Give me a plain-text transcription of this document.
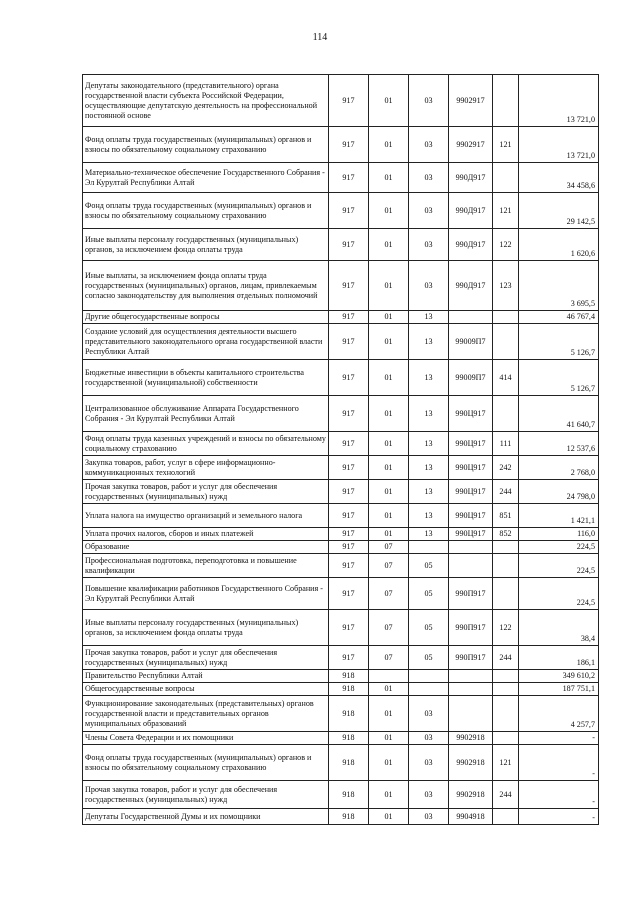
114
Депутаты законодательного (представительного) органа государственной власти субъекта Российской Федерации, осуществляющие депутатскую деятельность на профессиональной постоянной основе	917	01	03	9902917		13 721,0
Фонд оплаты труда государственных (муниципальных) органов и взносы по обязательному социальному страхованию	917	01	03	9902917	121	13 721,0
Материально-техническое обеспечение Государственного Собрания - Эл Курултай Республики Алтай	917	01	03	990Д917		34 458,6
Фонд оплаты труда государственных (муниципальных) органов и взносы по обязательному социальному страхованию	917	01	03	990Д917	121	29 142,5
Иные выплаты персоналу государственных (муниципальных) органов, за исключением фонда оплаты труда	917	01	03	990Д917	122	1 620,6
Иные выплаты, за исключением фонда оплаты труда государственных (муниципальных) органов, лицам, привлекаемым согласно законодательству для выполнения отдельных полномочий	917	01	03	990Д917	123	3 695,5
Другие общегосударственные вопросы	917	01	13			46 767,4
Создание условий для осуществления деятельности высшего представительного законодательного органа государственной власти Республики Алтай	917	01	13	99009П7		5 126,7
Бюджетные инвестиции в объекты капитального строительства государственной (муниципальной) собственности	917	01	13	99009П7	414	5 126,7
Централизованное обслуживание Аппарата Государственного Собрания - Эл Курултай Республики Алтай	917	01	13	990Ц917		41 640,7
Фонд оплаты труда казенных учреждений и взносы по обязательному социальному страхованию	917	01	13	990Ц917	111	12 537,6
Закупка товаров, работ, услуг в сфере информационно-коммуникационных технологий	917	01	13	990Ц917	242	2 768,0
Прочая закупка товаров, работ и услуг для обеспечения государственных (муниципальных) нужд	917	01	13	990Ц917	244	24 798,0
Уплата налога на имущество организаций и земельного налога	917	01	13	990Ц917	851	1 421,1
Уплата прочих налогов, сборов и иных платежей	917	01	13	990Ц917	852	116,0
Образование	917	07				224,5
Профессиональная подготовка, переподготовка и повышение квалификации	917	07	05			224,5
Повышение квалификации работников Государственного Собрания - Эл Курултай Республики Алтай	917	07	05	990П917		224,5
Иные выплаты персоналу государственных (муниципальных) органов, за исключением фонда оплаты труда	917	07	05	990П917	122	38,4
Прочая закупка товаров, работ и услуг для обеспечения государственных (муниципальных) нужд	917	07	05	990П917	244	186,1
Правительство Республики Алтай	918					349 610,2
Общегосударственные вопросы	918	01				187 751,1
Функционирование законодательных (представительных) органов государственной власти и представительных органов муниципальных образований	918	01	03			4 257,7
Члены Совета Федерации и их помощники	918	01	03	9902918		-
Фонд оплаты труда государственных (муниципальных) органов и взносы по обязательному социальному страхованию	918	01	03	9902918	121	-
Прочая закупка товаров, работ и услуг для обеспечения государственных (муниципальных) нужд	918	01	03	9902918	244	-
Депутаты Государственной Думы и их помощники	918	01	03	9904918		-
